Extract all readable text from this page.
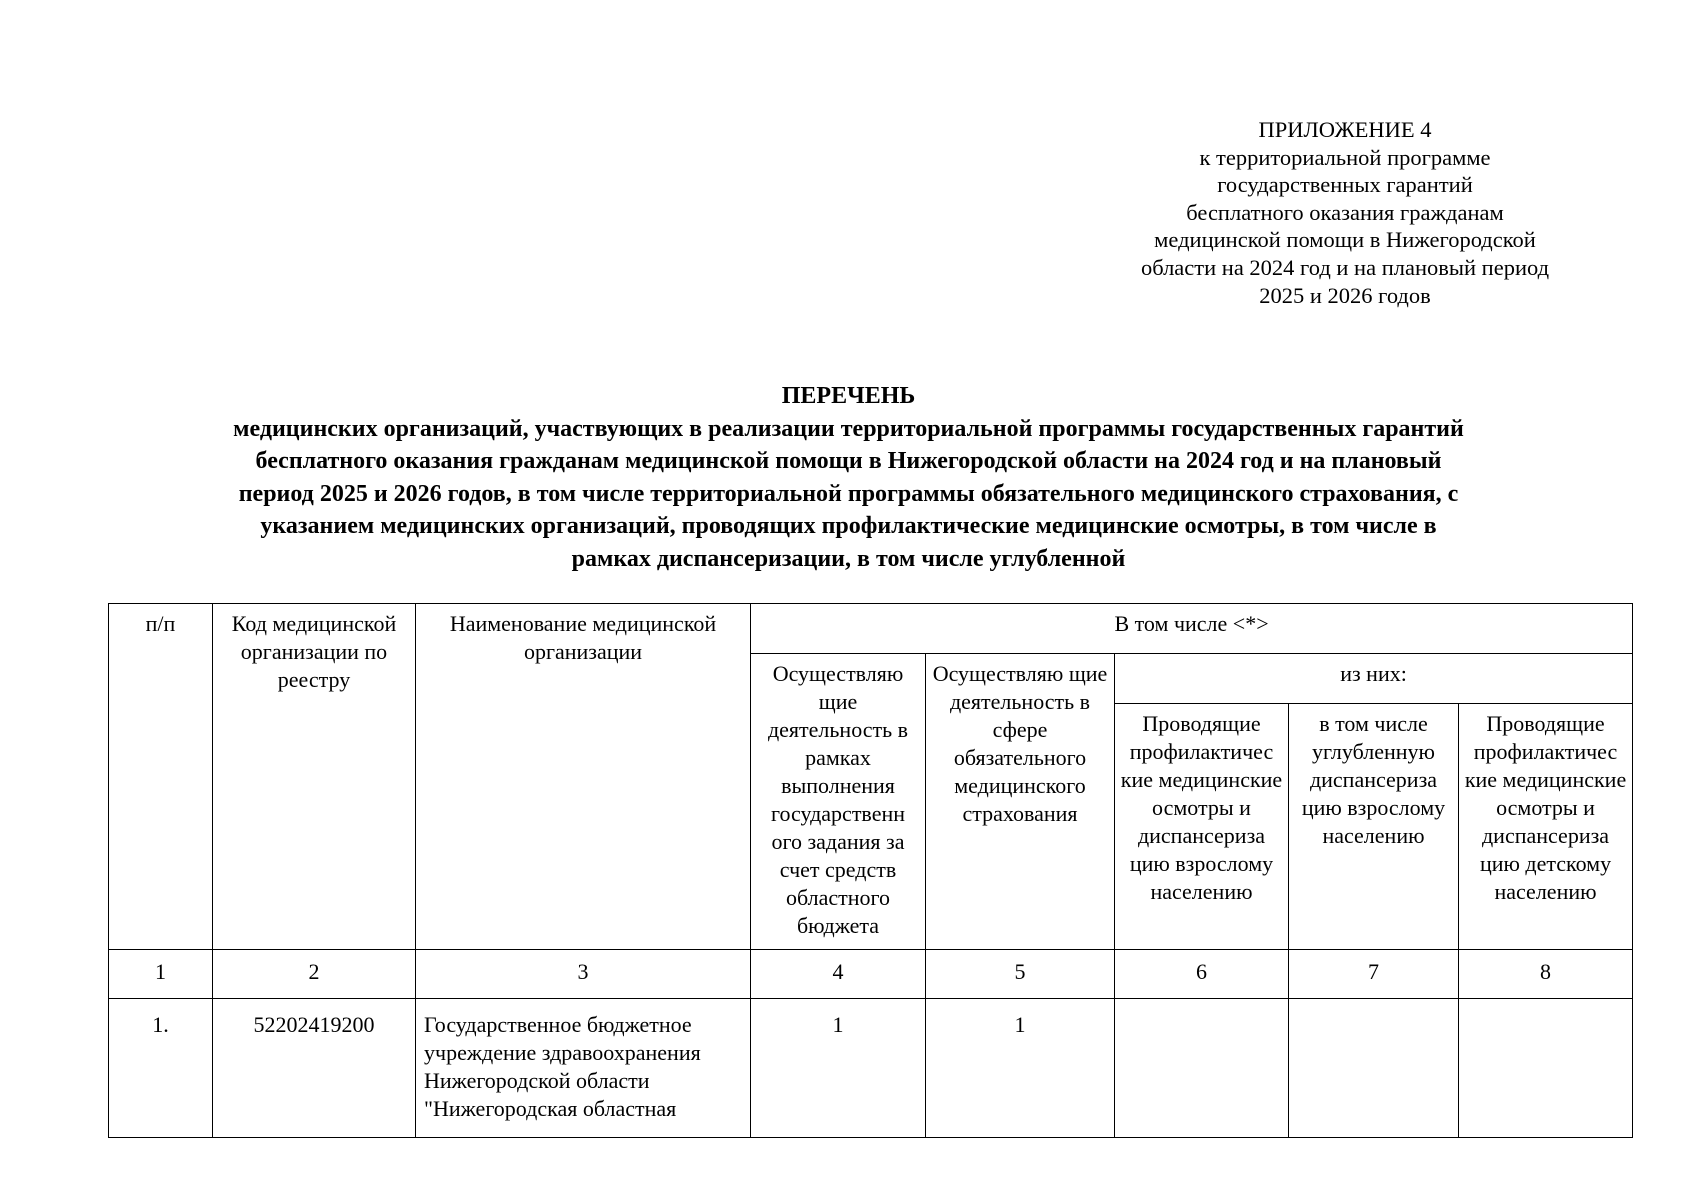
ПРИЛОЖЕНИЕ 4
к территориальной программе
государственных гарантий
бесплатного оказания гражданам
медицинской помощи в Нижегородской
области на 2024 год и на плановый период
2025 и 2026 годов
ПЕРЕЧЕНЬ
медицинских организаций, участвующих в реализации территориальной программы государственных гарантий
бесплатного оказания гражданам медицинской помощи в Нижегородской области на 2024 год и на плановый
период 2025 и 2026 годов, в том числе территориальной программы обязательного медицинского страхования, с
указанием медицинских организаций, проводящих профилактические медицинские осмотры, в том числе в
рамках диспансеризации, в том числе углубленной
п/п	Код медицинской организации по реестру	Наименование медицинской организации	В том числе <*>				
			Осуществляю щие деятельность в рамках выполнения государственн ого задания за счет средств областного бюджета	Осуществляю щие деятельность в сфере обязательного медицинского страхования	из них:		
					Проводящие профилактичес кие медицинские осмотры и диспансериза цию взрослому населению	в том числе углубленную диспансериза цию взрослому населению	Проводящие профилактичес кие медицинские осмотры и диспансериза цию детскому населению
1	2	3	4	5	6	7	8
1.	52202419200	Государственное бюджетное учреждение здравоохранения Нижегородской области "Нижегородская областная	1	1			
